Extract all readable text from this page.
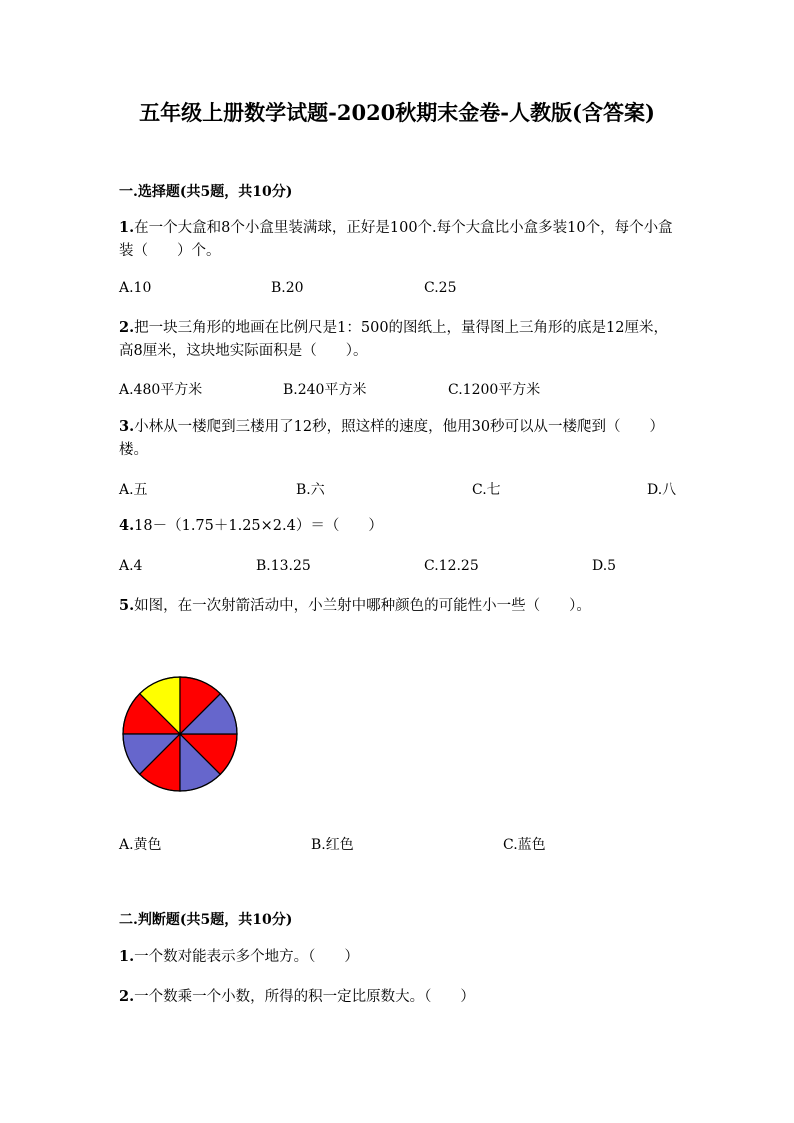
五年级上册数学试题-2020秋期末金卷-人教版(含答案)
一.选择题(共5题，共10分)
1.在一个大盒和8个小盒里装满球，正好是100个.每个大盒比小盒多装10个，每个小盒装（　　）个。
A.10	B.20	C.25
2.把一块三角形的地画在比例尺是1：500的图纸上，量得图上三角形的底是12厘米，高8厘米，这块地实际面积是（　　）。
A.480平方米	B.240平方米	C.1200平方米
3.小林从一楼爬到三楼用了12秒，照这样的速度，他用30秒可以从一楼爬到（　　）楼。
A.五	B.六	C.七	D.八
4.18－（1.75＋1.25×2.4）＝（　　）
A.4	B.13.25	C.12.25	D.5
5.如图，在一次射箭活动中，小兰射中哪种颜色的可能性小一些（　　）。
A.黄色	B.红色	C.蓝色
二.判断题(共5题，共10分)
1.一个数对能表示多个地方。（　　）
2.一个数乘一个小数，所得的积一定比原数大。（　　）
